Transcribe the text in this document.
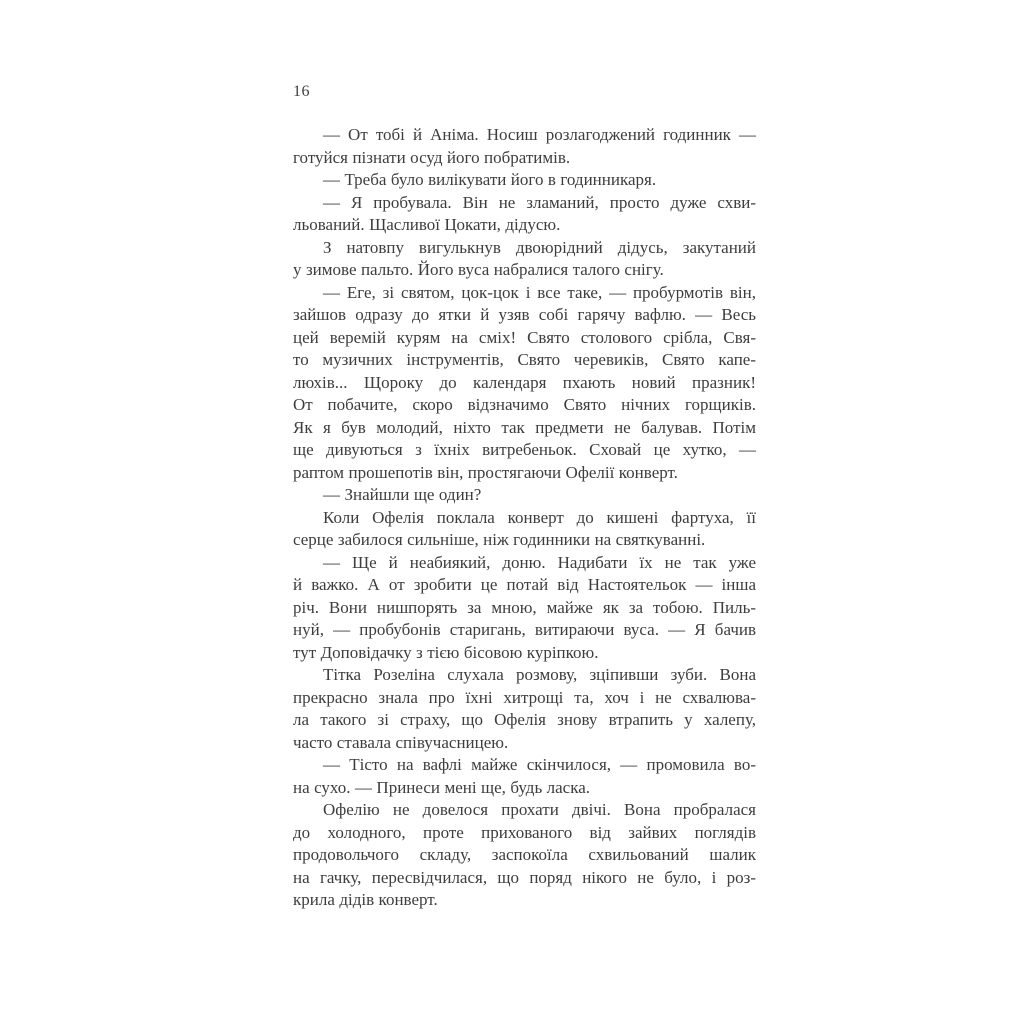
16
— От тобі й Аніма. Носиш розлагоджений годинник —
готуйся пізнати осуд його побратимів.
— Треба було вилікувати його в годинникаря.
— Я пробувала. Він не зламаний, просто дуже схви-
льований. Щасливої Цокати, дідусю.
З натовпу вигулькнув двоюрідний дідусь, закутаний
у зимове пальто. Його вуса набралися талого снігу.
— Еге, зі святом, цок-цок і все таке, — пробурмотів він,
зайшов одразу до ятки й узяв собі гарячу вафлю. — Весь
цей веремій курям на сміх! Свято столового срібла, Свя-
то музичних інструментів, Свято черевиків, Свято капе-
люхів... Щороку до календаря пхають новий празник!
От побачите, скоро відзначимо Свято нічних горщиків.
Як я був молодий, ніхто так предмети не балував. Потім
ще дивуються з їхніх витребеньок. Сховай це хутко, —
раптом прошепотів він, простягаючи Офелії конверт.
— Знайшли ще один?
Коли Офелія поклала конверт до кишені фартуха, її
серце забилося сильніше, ніж годинники на святкуванні.
— Ще й неабиякий, доню. Надибати їх не так уже
й важко. А от зробити це потай від Настоятельок — інша
річ. Вони нишпорять за мною, майже як за тобою. Пиль-
нуй, — пробубонів старигань, витираючи вуса. — Я бачив
тут Доповідачку з тією бісовою куріпкою.
Тітка Розеліна слухала розмову, зціпивши зуби. Вона
прекрасно знала про їхні хитрощі та, хоч і не схвалюва-
ла такого зі страху, що Офелія знову втрапить у халепу,
часто ставала співучасницею.
— Тісто на вафлі майже скінчилося, — промовила во-
на сухо. — Принеси мені ще, будь ласка.
Офелію не довелося прохати двічі. Вона пробралася
до холодного, проте прихованого від зайвих поглядів
продовольчого складу, заспокоїла схвильований шалик
на гачку, пересвідчилася, що поряд нікого не було, і роз-
крила дідів конверт.
